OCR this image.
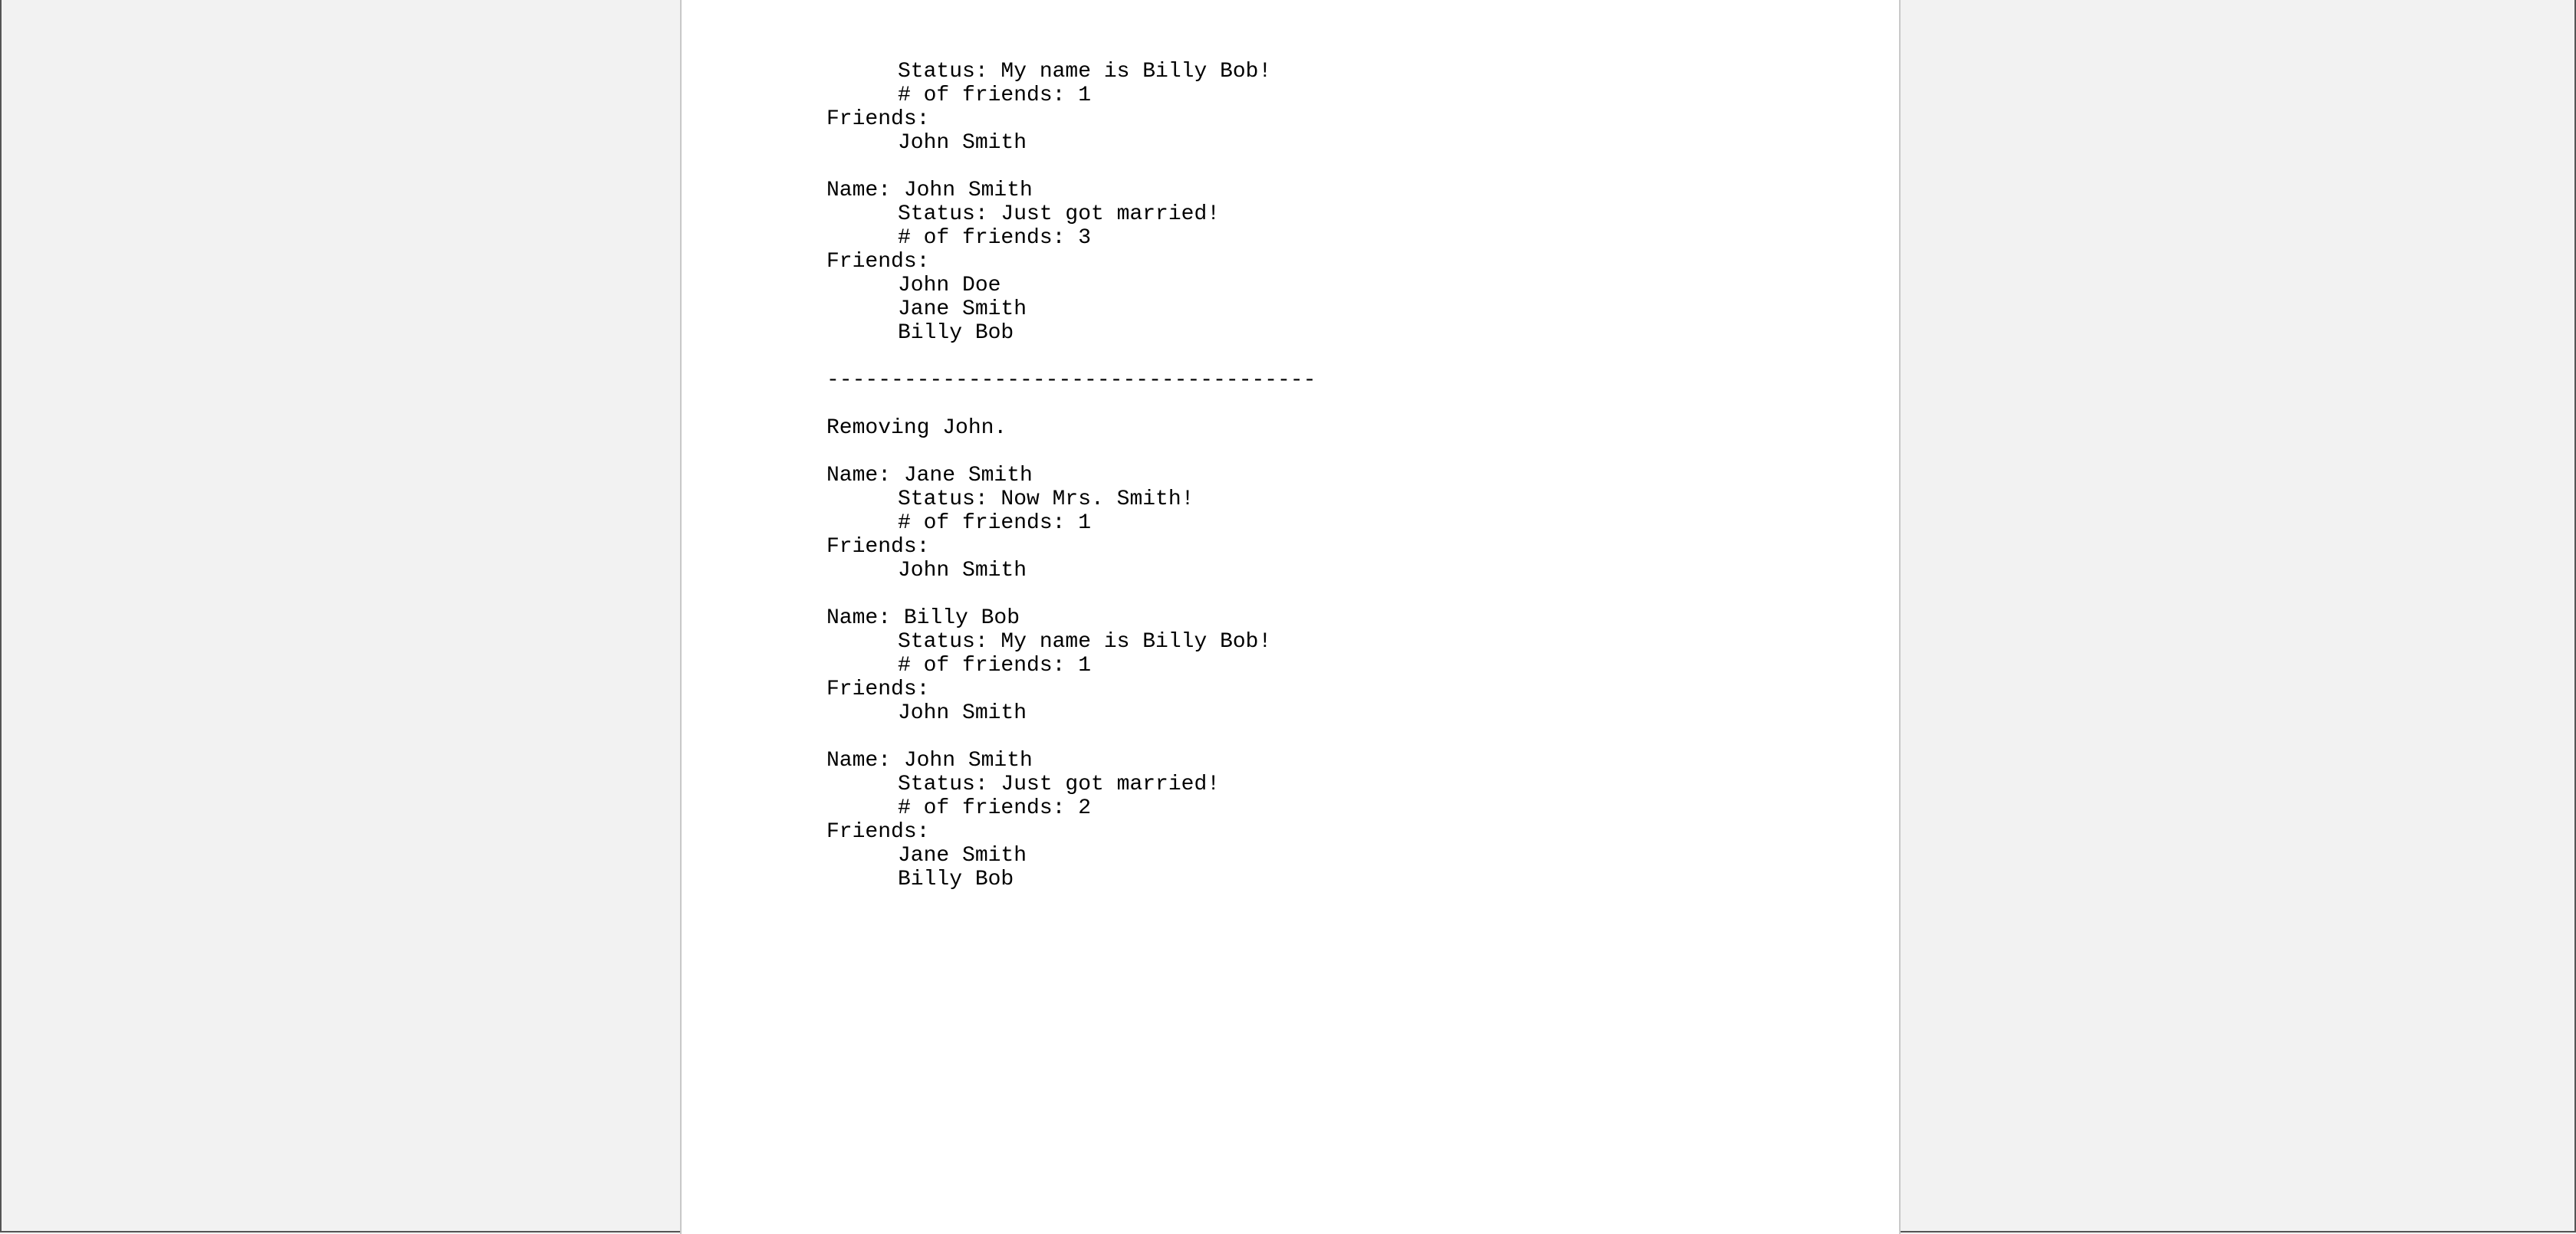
Status: My name is Billy Bob!
# of friends: 1
Friends:
John Smith
Name: John Smith
Status: Just got married!
# of friends: 3
Friends:
John Doe
Jane Smith
Billy Bob
--------------------------------------
Removing John.
Name: Jane Smith
Status: Now Mrs. Smith!
# of friends: 1
Friends:
John Smith
Name: Billy Bob
Status: My name is Billy Bob!
# of friends: 1
Friends:
John Smith
Name: John Smith
Status: Just got married!
# of friends: 2
Friends:
Jane Smith
Billy Bob
